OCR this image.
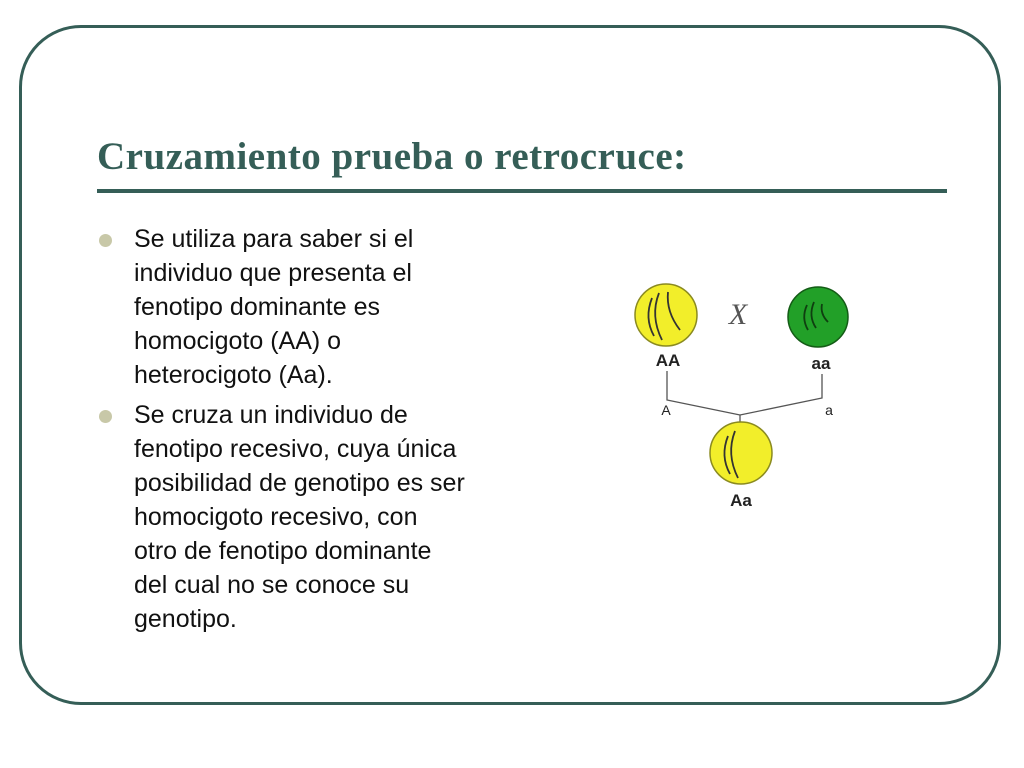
Cruzamiento prueba o retrocruce:
Se utiliza para saber si el
individuo que presenta el
fenotipo dominante es
homocigoto (AA) o
heterocigoto (Aa).
Se cruza un individuo de
fenotipo recesivo, cuya única
posibilidad de genotipo es ser
homocigoto recesivo, con
otro de fenotipo dominante
del cual no se conoce su
genotipo.
X
AA	aa
A	a
Aa
